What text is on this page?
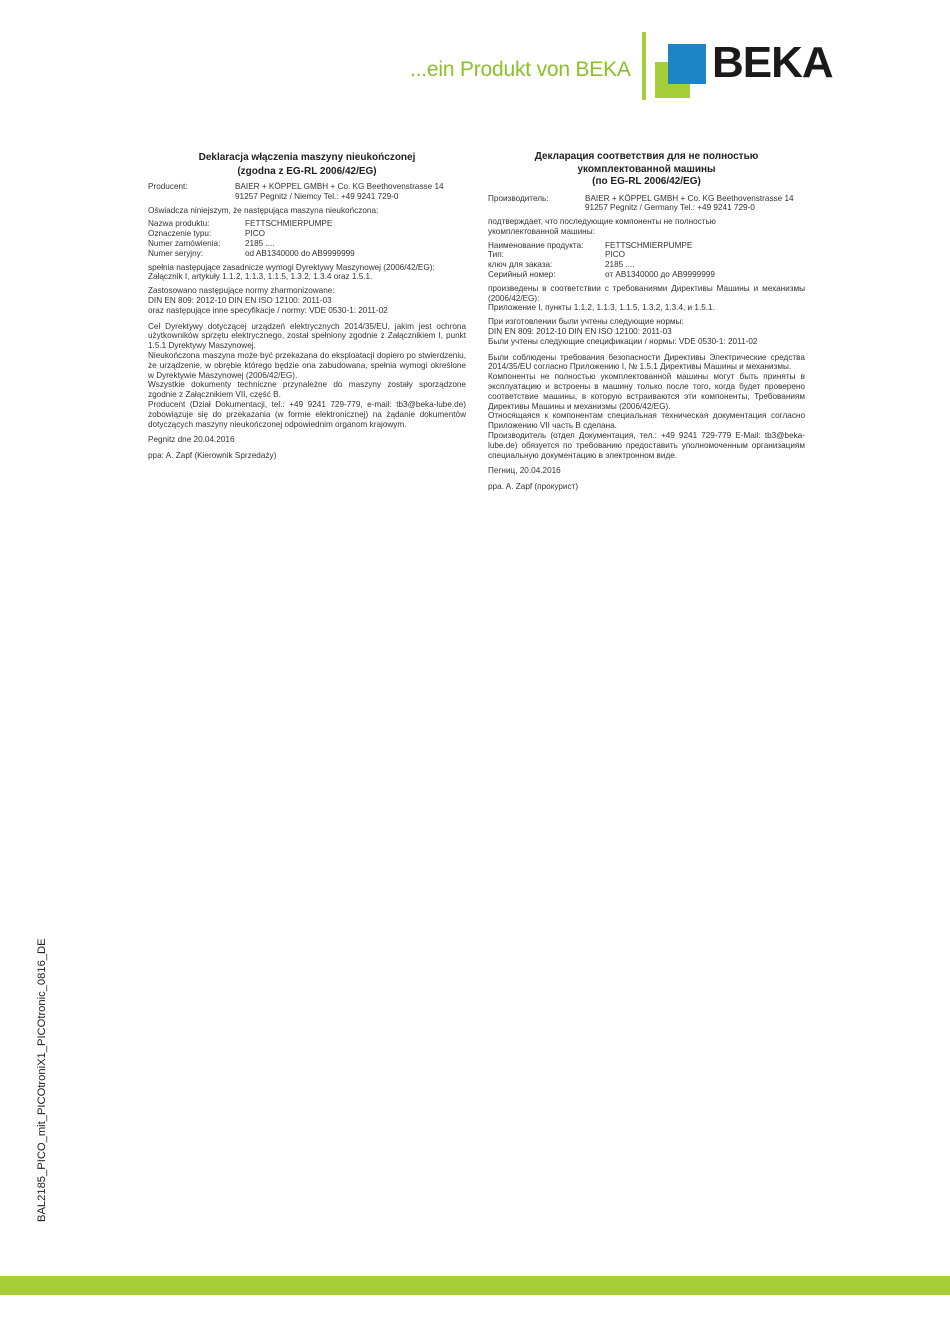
...ein Produkt von BEKA BEKA
Deklaracja włączenia maszyny nieukończonej
(zgodna z EG-RL 2006/42/EG)
Producent:	BAIER + KÖPPEL GMBH + Co. KG Beethovenstrasse 14
91257 Pegnitz / Niemcy Tel.: +49 9241 729-0
Oświadcza niniejszym, że następująca maszyna nieukończona:
Nazwa produktu:	FETTSCHMIERPUMPE
Oznaczenie typu:	PICO
Numer zamówienia:	2185 ....
Numer seryjny:	od AB1340000 do AB9999999
spełnia następujące zasadnicze wymogi Dyrektywy Maszynowej (2006/42/EG):
Załącznik I, artykuły 1.1.2, 1.1.3, 1.1.5, 1.3.2, 1.3.4 oraz 1.5.1.
Zastosowano następujące normy zharmonizowane:
DIN EN 809: 2012-10 DIN EN ISO 12100: 2011-03
oraz następujące inne specyfikacje / normy: VDE 0530-1: 2011-02
Cel Dyrektywy dotyczącej urządzeń elektrycznych 2014/35/EU, jakim jest ochrona użytkowników sprzętu elektrycznego, został spełniony zgodnie z Załącznikiem I, punkt 1.5.1 Dyrektywy Maszynowej.
Nieukończona maszyna może być przekazana do eksploatacji dopiero po stwierdzeniu, że urządzenie, w obrębie którego będzie ona zabudowana, spełnia wymogi określone w Dyrektywie Maszynowej (2006/42/EG).
Wszystkie dokumenty techniczne przynależne do maszyny zostały sporządzone zgodnie z Załącznikiem VII, część B.
Producent (Dział Dokumentacji, tel.: +49 9241 729-779, e-mail: tb3@beka-lube.de) zobowiązuje się do przekazania (w formie elektronicznej) na żądanie dokumentów dotyczących maszyny nieukończonej odpowiednim organom krajowym.
Pegnitz dne 20.04.2016
ppa: A. Zapf (Kierownik Sprzedaży)
Декларация соответствия для не полностью
укомплектованной машины
(по EG-RL 2006/42/EG)
Производитель:	BAIER + KÖPPEL GMBH + Co. KG Beethovenstrasse 14
91257 Pegnitz / Germany Tel.: +49 9241 729-0
подтверждает, что последующие компоненты не полностью
укомплектованной машины:
Наименование продукта:	FETTSCHMIERPUMPE
Тип:	PICO
ключ для заказа:	2185 ....
Серийный номер:	от AB1340000 до AB9999999
произведены в соответствии с требованиями Директивы Машины и механизмы (2006/42/EG):
Приложение I, пункты 1.1.2, 1.1.3, 1.1.5, 1.3.2, 1.3.4, и 1.5.1.
При изготовлении были учтены следующие нормы:
DIN EN 809: 2012-10 DIN EN ISO 12100: 2011-03
Были учтены следующие спецификации / нормы: VDE 0530-1: 2011-02
Были соблюдены требования безопасности Директивы Электрические средства 2014/35/EU согласно Приложению I, № 1.5.1 Директивы Машины и механизмы.
Компоненты не полностью укомплектованной машины могут быть приняты в эксплуатацию и встроены в машину только после того, когда будет проверено соответствие машины, в которую встраиваются эти компоненты, Требованиям Директивы Машины и механизмы (2006/42/EG).
Относящаяся к компонентам специальная техническая документация согласно Приложению VII часть B сделана.
Производитель (отдел Документация, тел.: +49 9241 729-779 E-Mail: tb3@beka-lube.de) обязуется по требованию предоставить уполномоченным организациям специальную документацию в электронном виде.
Пегниц, 20.04.2016
ppa. A. Zapf (прокурист)
BAL2185_PICO_mit_PICOtroniX1_PICOtronic_0816_DE
